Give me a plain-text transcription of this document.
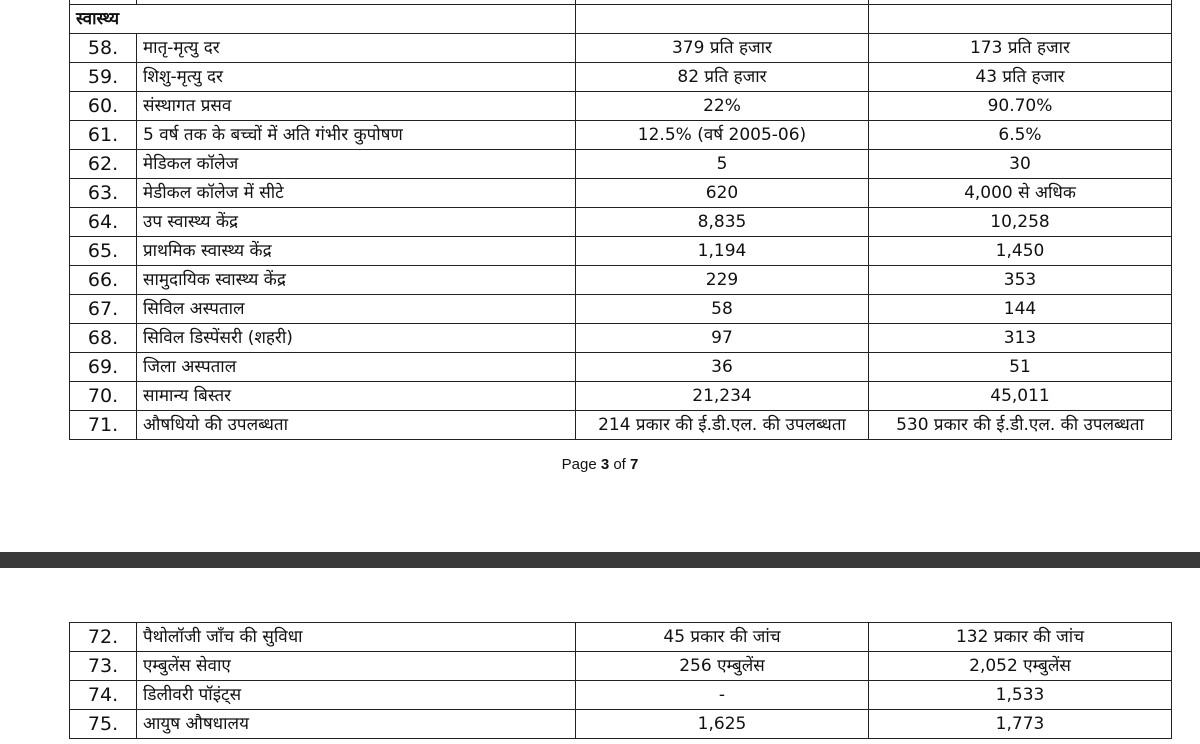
स्वास्थ्य			
58.	मातृ-मृत्यु दर	379 प्रति हजार	173 प्रति हजार
59.	शिशु-मृत्यु दर	82 प्रति हजार	43 प्रति हजार
60.	संस्थागत प्रसव	22%	90.70%
61.	5 वर्ष तक के बच्चों में अति गंभीर कुपोषण	12.5% (वर्ष 2005-06)	6.5%
62.	मेडिकल कॉलेज	5	30
63.	मेडीकल कॉलेज में सीटे	620	4,000 से अधिक
64.	उप स्वास्थ्य केंद्र	8,835	10,258
65.	प्राथमिक स्वास्थ्य केंद्र	1,194	1,450
66.	सामुदायिक स्वास्थ्य केंद्र	229	353
67.	सिविल अस्पताल	58	144
68.	सिविल डिस्पेंसरी (शहरी)	97	313
69.	जिला अस्पताल	36	51
70.	सामान्य बिस्तर	21,234	45,011
71.	औषधियो की उपलब्धता	214 प्रकार की ई.डी.एल. की उपलब्धता	530 प्रकार की ई.डी.एल. की उपलब्धता
Page 3 of 7
72.	पैथोलॉजी जाँच की सुविधा	45 प्रकार की जांच	132 प्रकार की जांच
73.	एम्बुलेंस सेवाए	256 एम्बुलेंस	2,052 एम्बुलेंस
74.	डिलीवरी पॉइंट्स	-	1,533
75.	आयुष औषधालय	1,625	1,773
